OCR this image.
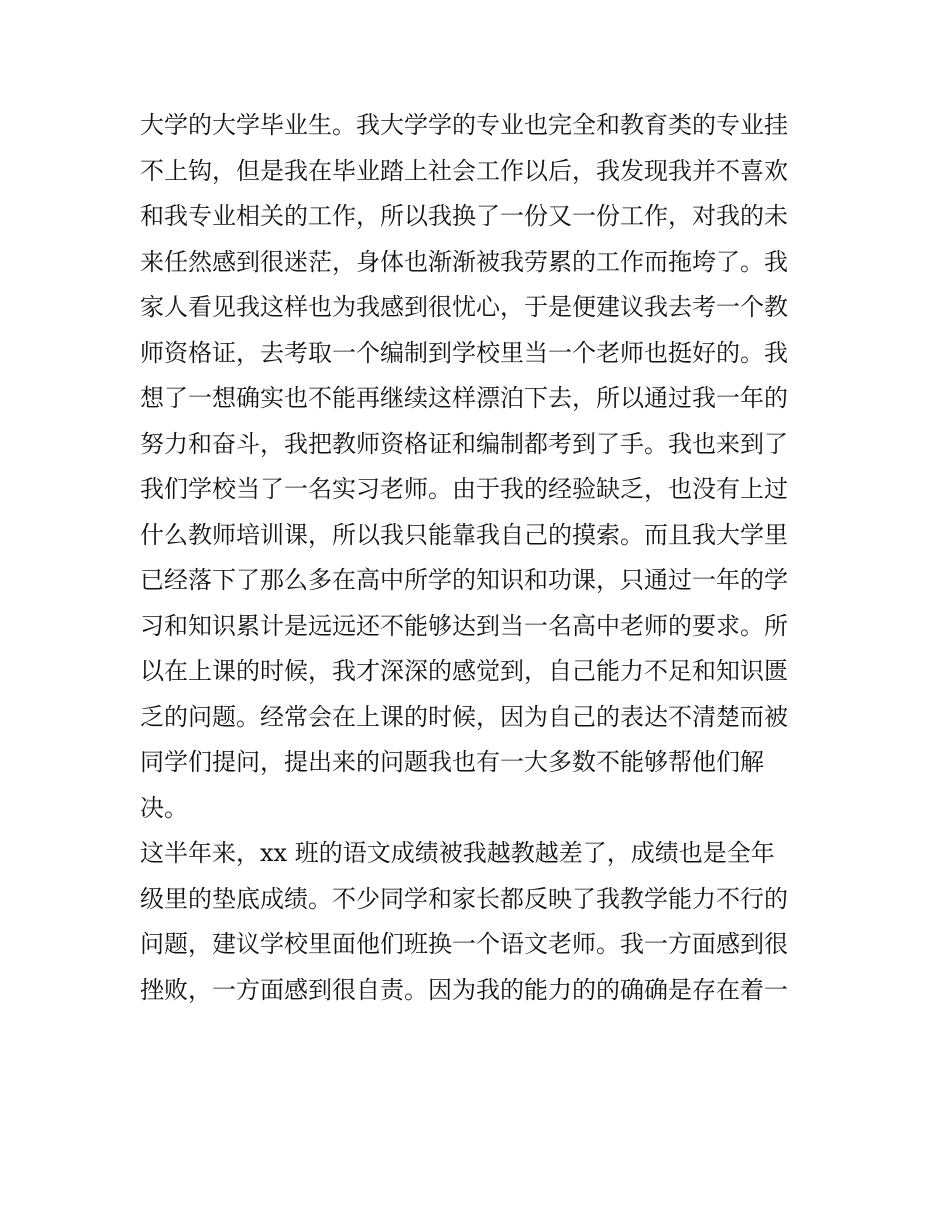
大学的大学毕业生。我大学学的专业也完全和教育类的专业挂
不上钩，但是我在毕业踏上社会工作以后，我发现我并不喜欢
和我专业相关的工作，所以我换了一份又一份工作，对我的未
来任然感到很迷茫，身体也渐渐被我劳累的工作而拖垮了。我
家人看见我这样也为我感到很忧心，于是便建议我去考一个教
师资格证，去考取一个编制到学校里当一个老师也挺好的。我
想了一想确实也不能再继续这样漂泊下去，所以通过我一年的
努力和奋斗，我把教师资格证和编制都考到了手。我也来到了
我们学校当了一名实习老师。由于我的经验缺乏，也没有上过
什么教师培训课，所以我只能靠我自己的摸索。而且我大学里
已经落下了那么多在高中所学的知识和功课，只通过一年的学
习和知识累计是远远还不能够达到当一名高中老师的要求。所
以在上课的时候，我才深深的感觉到，自己能力不足和知识匮
乏的问题。经常会在上课的时候，因为自己的表达不清楚而被
同学们提问，提出来的问题我也有一大多数不能够帮他们解
决。
这半年来，xx 班的语文成绩被我越教越差了，成绩也是全年
级里的垫底成绩。不少同学和家长都反映了我教学能力不行的
问题，建议学校里面他们班换一个语文老师。我一方面感到很
挫败，一方面感到很自责。因为我的能力的的确确是存在着一
